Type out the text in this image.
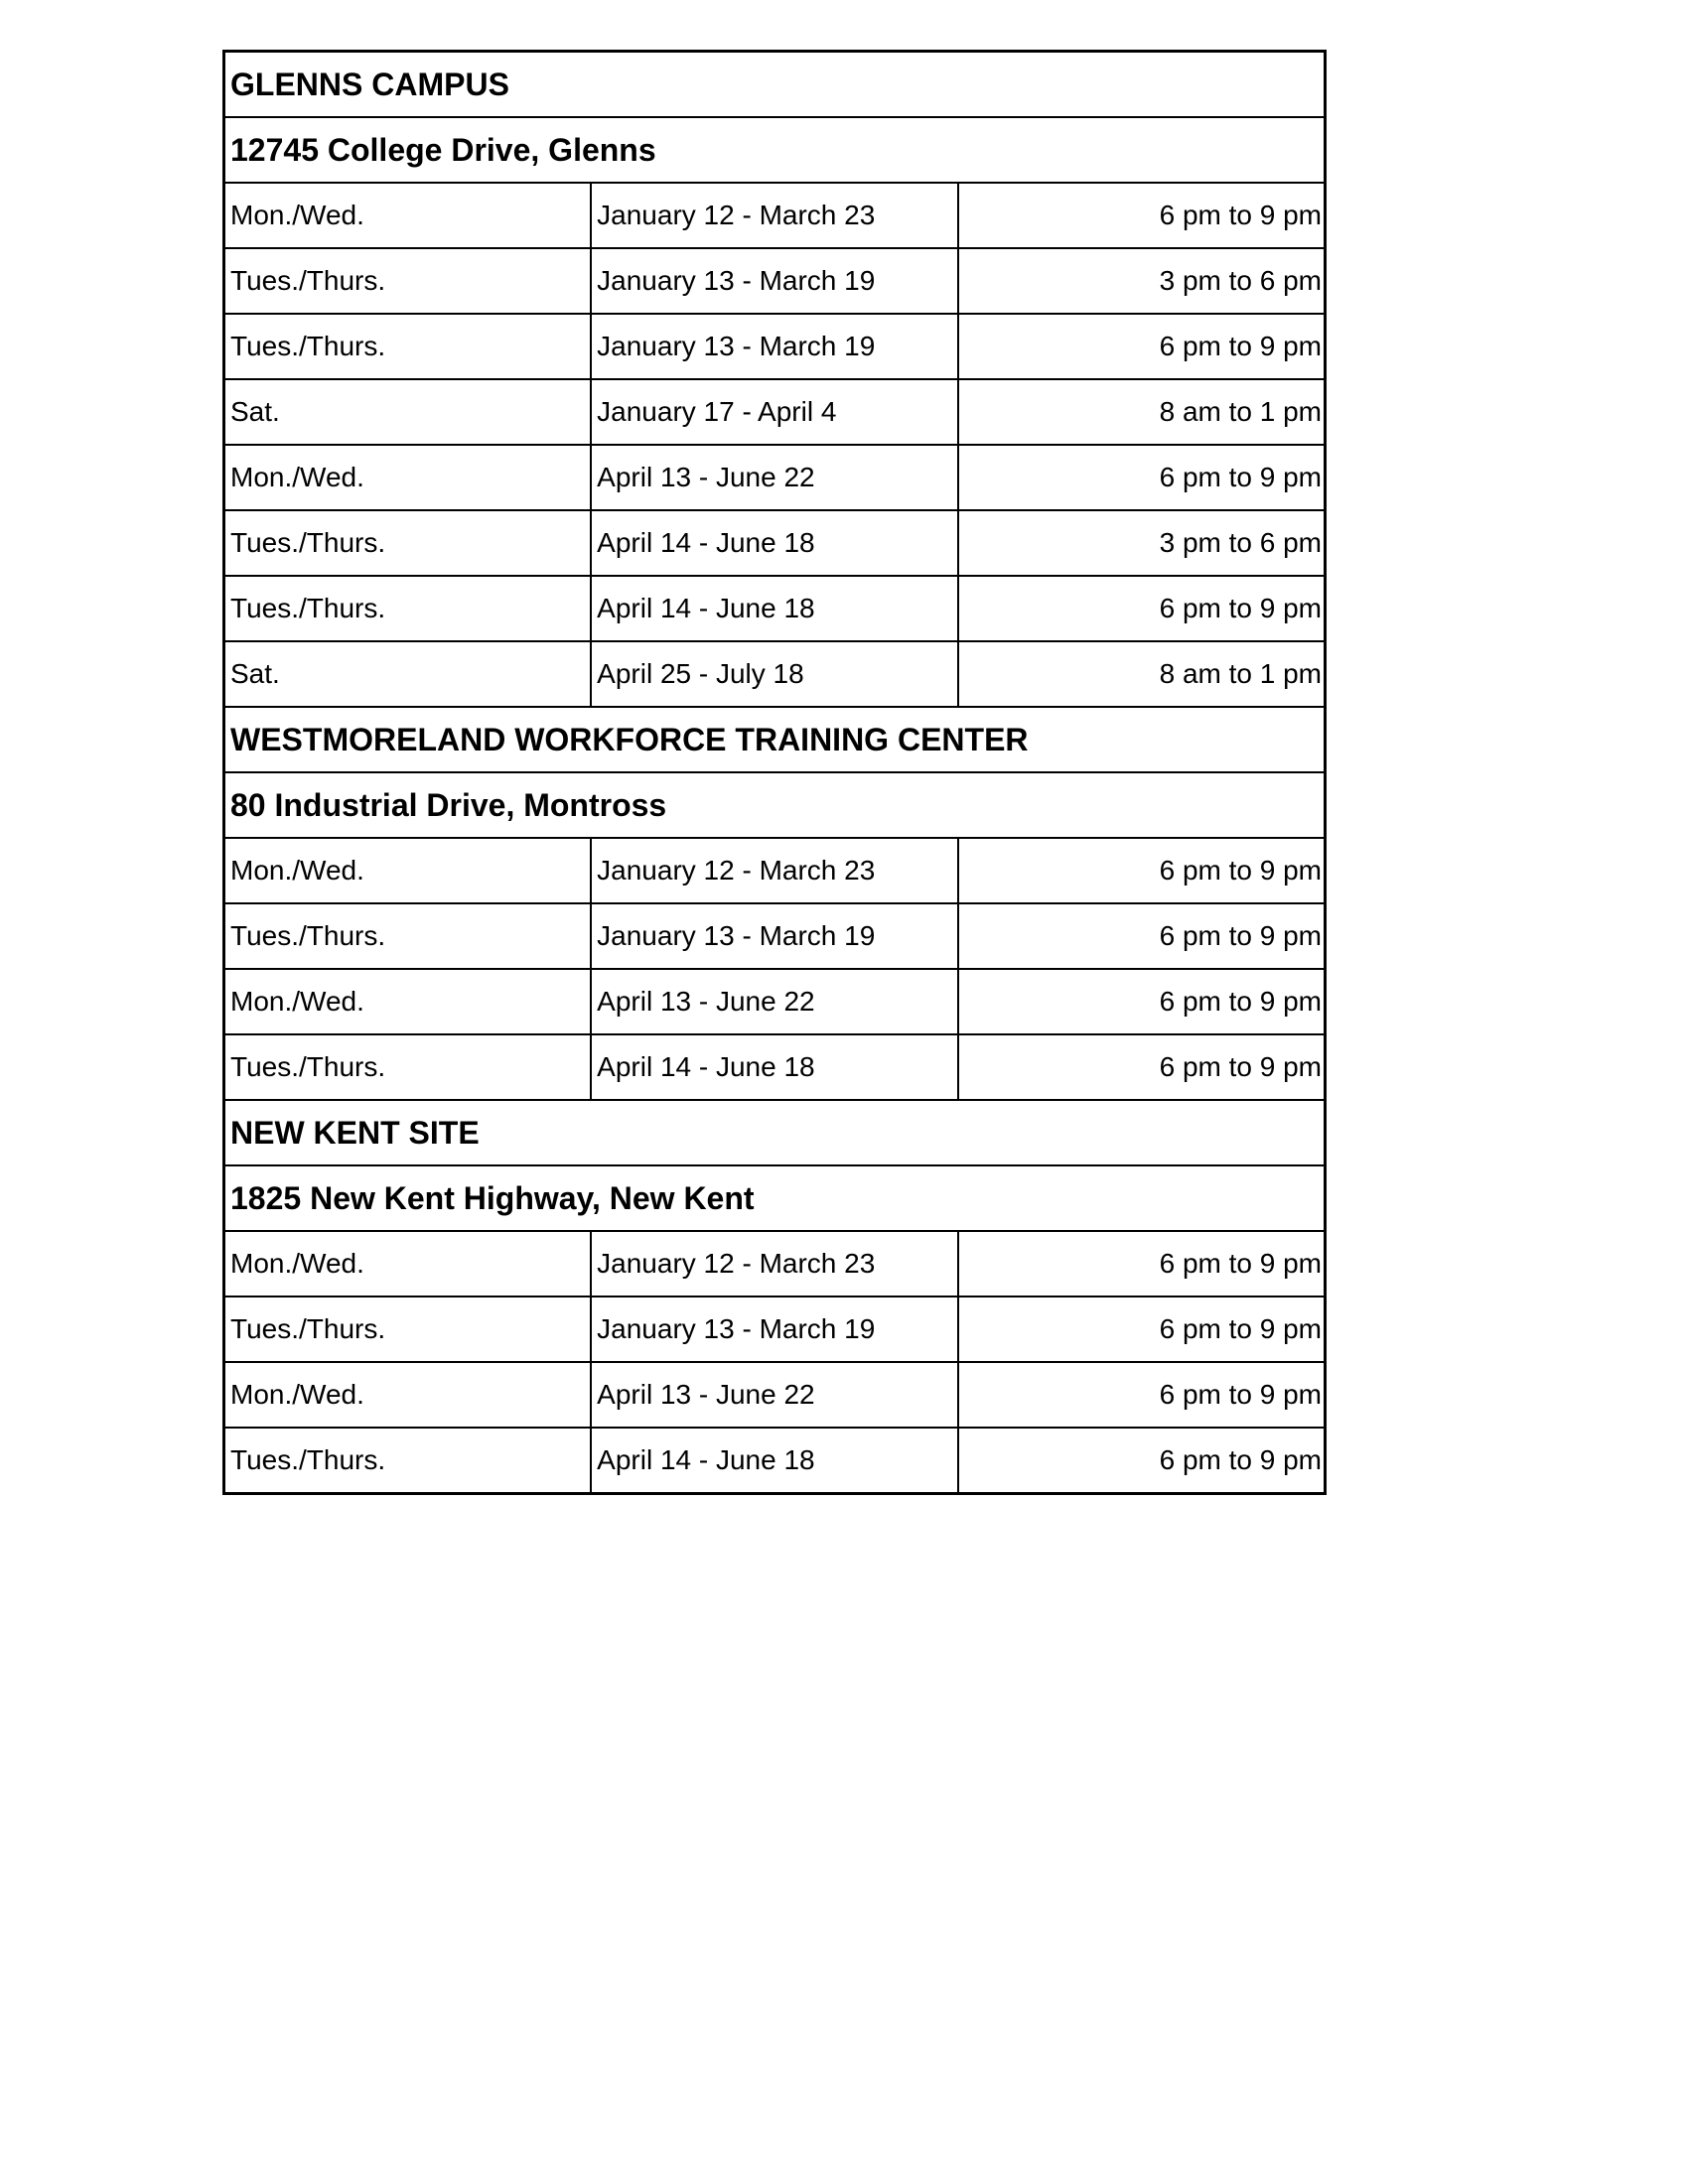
GLENNS CAMPUS		
12745 College Drive, Glenns		
Mon./Wed.	January 12 - March 23	6 pm to 9 pm
Tues./Thurs.	January 13 - March 19	3 pm to 6 pm
Tues./Thurs.	January 13 - March 19	6 pm to 9 pm
Sat.	January 17 - April 4	8 am to 1 pm
Mon./Wed.	April 13 - June 22	6 pm to 9 pm
Tues./Thurs.	April 14 - June 18	3 pm to 6 pm
Tues./Thurs.	April 14 - June 18	6 pm to 9 pm
Sat.	April 25 - July 18	8 am to 1 pm
WESTMORELAND WORKFORCE TRAINING CENTER		
80 Industrial Drive, Montross		
Mon./Wed.	January 12 - March 23	6 pm to 9 pm
Tues./Thurs.	January 13 - March 19	6 pm to 9 pm
Mon./Wed.	April 13 - June 22	6 pm to 9 pm
Tues./Thurs.	April 14 - June 18	6 pm to 9 pm
NEW KENT SITE		
1825 New Kent Highway, New Kent		
Mon./Wed.	January 12 - March 23	6 pm to 9 pm
Tues./Thurs.	January 13 - March 19	6 pm to 9 pm
Mon./Wed.	April 13 - June 22	6 pm to 9 pm
Tues./Thurs.	April 14 - June 18	6 pm to 9 pm
